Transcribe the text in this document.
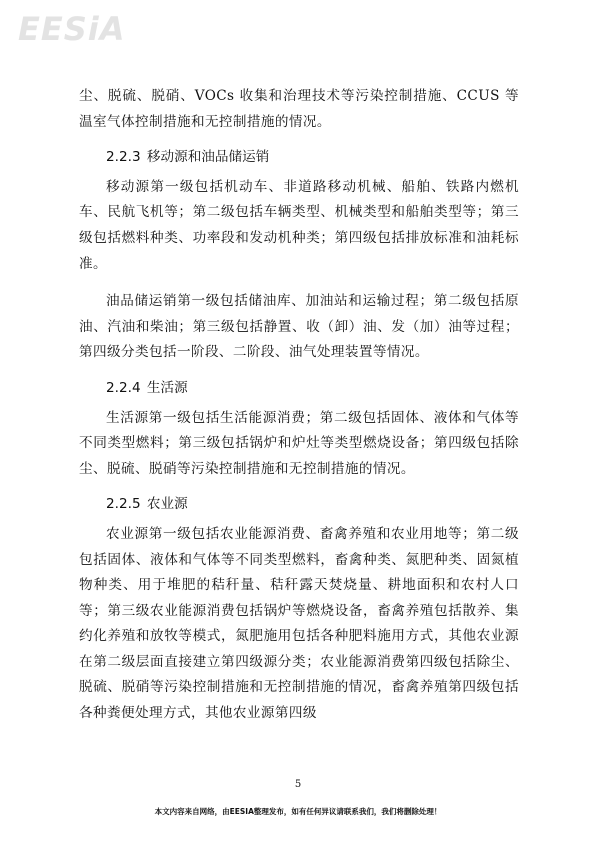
EESiA

尘、脱硫、脱硝、VOCs 收集和治理技术等污染控制措施、CCUS 等温室气体控制措施和无控制措施的情况。

2.2.3 移动源和油品储运销

移动源第一级包括机动车、非道路移动机械、船舶、铁路内燃机车、民航飞机等；第二级包括车辆类型、机械类型和船舶类型等；第三级包括燃料种类、功率段和发动机种类；第四级包括排放标准和油耗标准。

油品储运销第一级包括储油库、加油站和运输过程；第二级包括原油、汽油和柴油；第三级包括静置、收（卸）油、发（加）油等过程；第四级分类包括一阶段、二阶段、油气处理装置等情况。

2.2.4 生活源

生活源第一级包括生活能源消费；第二级包括固体、液体和气体等不同类型燃料；第三级包括锅炉和炉灶等类型燃烧设备；第四级包括除尘、脱硫、脱硝等污染控制措施和无控制措施的情况。

2.2.5 农业源

农业源第一级包括农业能源消费、畜禽养殖和农业用地等；第二级包括固体、液体和气体等不同类型燃料，畜禽种类、氮肥种类、固氮植物种类、用于堆肥的秸秆量、秸秆露天焚烧量、耕地面积和农村人口等；第三级农业能源消费包括锅炉等燃烧设备，畜禽养殖包括散养、集约化养殖和放牧等模式，氮肥施用包括各种肥料施用方式，其他农业源在第二级层面直接建立第四级源分类；农业能源消费第四级包括除尘、脱硫、脱硝等污染控制措施和无控制措施的情况，畜禽养殖第四级包括各种粪便处理方式，其他农业源第四级

5
本文内容来自网络，由EESIA整理发布，如有任何异议请联系我们，我们将删除处理！
